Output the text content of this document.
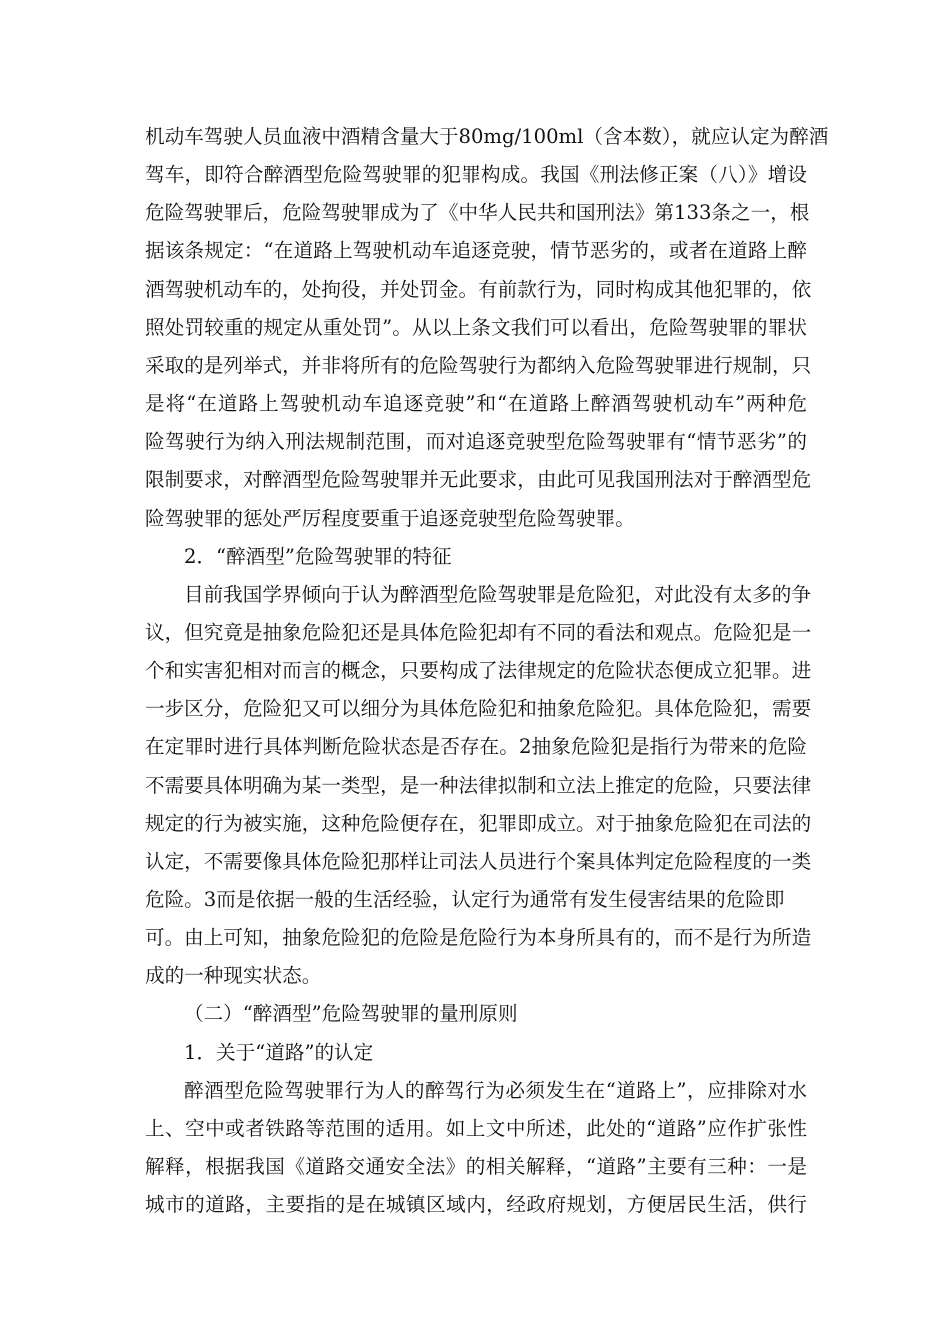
机动车驾驶人员血液中酒精含量大于80mg/100ml（含本数），就应认定为醉酒
驾车，即符合醉酒型危险驾驶罪的犯罪构成。我国《刑法修正案（八）》增设
危险驾驶罪后，危险驾驶罪成为了《中华人民共和国刑法》第133条之一，根
据该条规定：“在道路上驾驶机动车追逐竞驶，情节恶劣的，或者在道路上醉
酒驾驶机动车的，处拘役，并处罚金。有前款行为，同时构成其他犯罪的，依
照处罚较重的规定从重处罚”。从以上条文我们可以看出，危险驾驶罪的罪状
采取的是列举式，并非将所有的危险驾驶行为都纳入危险驾驶罪进行规制，只
是将“在道路上驾驶机动车追逐竞驶”和“在道路上醉酒驾驶机动车”两种危
险驾驶行为纳入刑法规制范围，而对追逐竞驶型危险驾驶罪有“情节恶劣”的
限制要求，对醉酒型危险驾驶罪并无此要求，由此可见我国刑法对于醉酒型危
险驾驶罪的惩处严厉程度要重于追逐竞驶型危险驾驶罪。
2．“醉酒型”危险驾驶罪的特征
目前我国学界倾向于认为醉酒型危险驾驶罪是危险犯，对此没有太多的争
议，但究竟是抽象危险犯还是具体危险犯却有不同的看法和观点。危险犯是一
个和实害犯相对而言的概念，只要构成了法律规定的危险状态便成立犯罪。进
一步区分，危险犯又可以细分为具体危险犯和抽象危险犯。具体危险犯，需要
在定罪时进行具体判断危险状态是否存在。2抽象危险犯是指行为带来的危险
不需要具体明确为某一类型，是一种法律拟制和立法上推定的危险，只要法律
规定的行为被实施，这种危险便存在，犯罪即成立。对于抽象危险犯在司法的
认定，不需要像具体危险犯那样让司法人员进行个案具体判定危险程度的一类
危险。3而是依据一般的生活经验，认定行为通常有发生侵害结果的危险即
可。由上可知，抽象危险犯的危险是危险行为本身所具有的，而不是行为所造
成的一种现实状态。
（二）“醉酒型”危险驾驶罪的量刑原则
1．关于“道路”的认定
醉酒型危险驾驶罪行为人的醉驾行为必须发生在“道路上”，应排除对水
上、空中或者铁路等范围的适用。如上文中所述，此处的“道路”应作扩张性
解释，根据我国《道路交通安全法》的相关解释，“道路”主要有三种：一是
城市的道路，主要指的是在城镇区域内，经政府规划，方便居民生活，供行
